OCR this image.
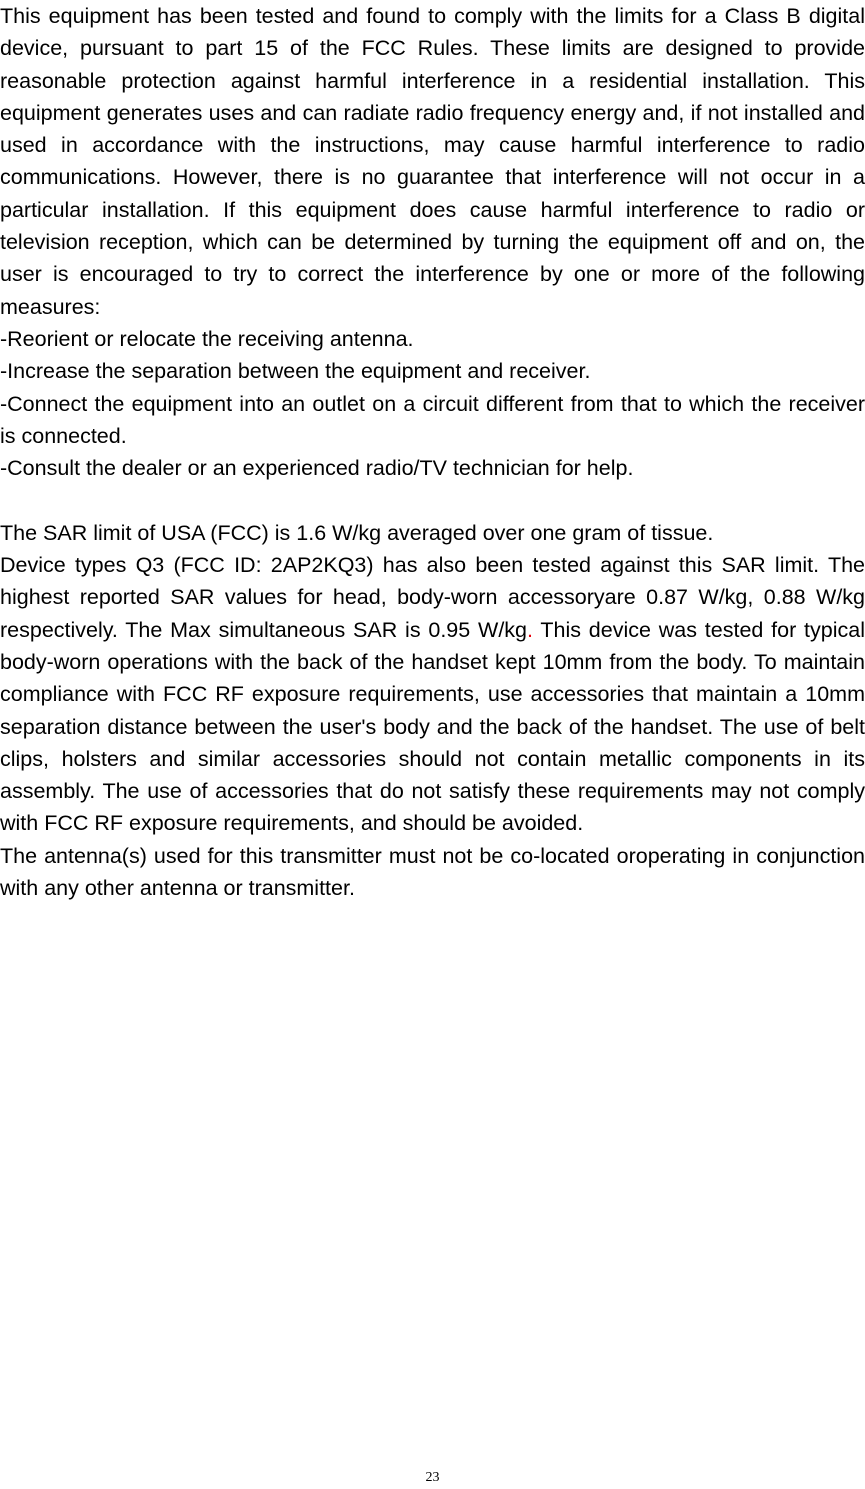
This equipment has been tested and found to comply with the limits for a Class B digital device, pursuant to part 15 of the FCC Rules. These limits are designed to provide reasonable protection against harmful interference in a residential installation. This equipment generates uses and can radiate radio frequency energy and, if not installed and used in accordance with the instructions, may cause harmful interference to radio communications. However, there is no guarantee that interference will not occur in a particular installation. If this equipment does cause harmful interference to radio or television reception, which can be determined by turning the equipment off and on, the user is encouraged to try to correct the interference by one or more of the following measures:

-Reorient or relocate the receiving antenna.

-Increase the separation between the equipment and receiver.

-Connect the equipment into an outlet on a circuit different from that to which the receiver is connected.

-Consult the dealer or an experienced radio/TV technician for help.

The SAR limit of USA (FCC) is 1.6 W/kg averaged over one gram of tissue.

Device types Q3 (FCC ID: 2AP2KQ3) has also been tested against this SAR limit. The highest reported SAR values for head, body-worn accessoryare 0.87 W/kg, 0.88 W/kg respectively. The Max simultaneous SAR is 0.95 W/kg. This device was tested for typical body-worn operations with the back of the handset kept 10mm from the body. To maintain compliance with FCC RF exposure requirements, use accessories that maintain a 10mm separation distance between the user's body and the back of the handset. The use of belt clips, holsters and similar accessories should not contain metallic components in its assembly. The use of accessories that do not satisfy these requirements may not comply with FCC RF exposure requirements, and should be avoided.

The antenna(s) used for this transmitter must not be co-located oroperating in conjunction with any other antenna or transmitter.

23
